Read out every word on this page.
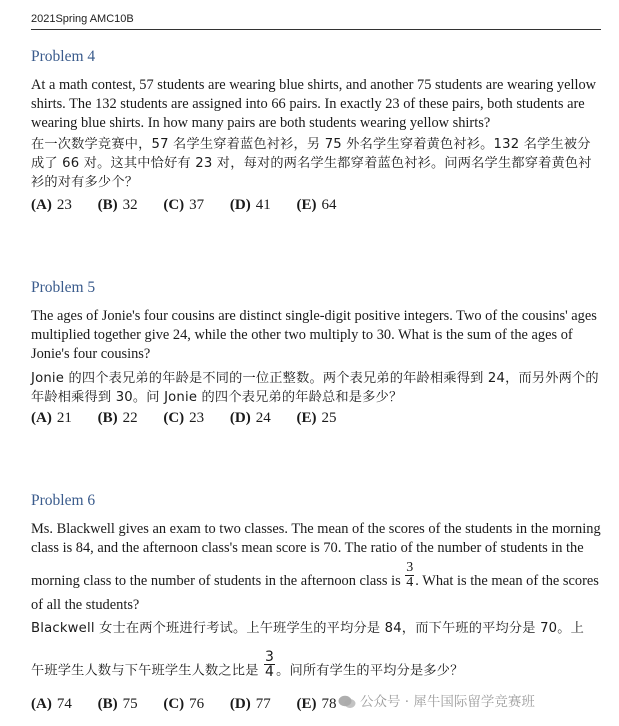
2021Spring AMC10B
Problem 4
At a math contest, 57 students are wearing blue shirts, and another 75 students are wearing yellow shirts. The 132 students are assigned into 66 pairs. In exactly 23 of these pairs, both students are wearing blue shirts. In how many pairs are both students wearing yellow shirts?
在一次数学竞赛中，57 名学生穿着蓝色衬衫，另 75 外名学生穿着黄色衬衫。132 名学生被分成了 66 对。这其中恰好有 23 对，每对的两名学生都穿着蓝色衬衫。问两名学生都穿着黄色衬衫的对有多少个？
(A) 23 (B) 32 (C) 37 (D) 41 (E) 64
Problem 5
The ages of Jonie's four cousins are distinct single-digit positive integers. Two of the cousins' ages multiplied together give 24, while the other two multiply to 30. What is the sum of the ages of Jonie's four cousins?
Jonie 的四个表兄弟的年龄是不同的一位正整数。两个表兄弟的年龄相乘得到 24，而另外两个的年龄相乘得到 30。问 Jonie 的四个表兄弟的年龄总和是多少？
(A) 21 (B) 22 (C) 23 (D) 24 (E) 25
Problem 6
Ms. Blackwell gives an exam to two classes. The mean of the scores of the students in the morning class is 84, and the afternoon class's mean score is 70. The ratio of the number of students in the
morning class to the number of students in the afternoon class is $\frac{3}{4}$ . What is the mean of the scores of all the students?
Blackwell 女士在两个班进行考试。上午班学生的平均分是 84，而下午班的平均分是 70。上
午班学生人数与下午班学生人数之比是 $\frac{3}{4}$ 。问所有学生的平均分是多少？
(A) 74 (B) 75 (C) 76 (D) 77 (E) 78	公众号 · 犀牛国际留学竞赛班
